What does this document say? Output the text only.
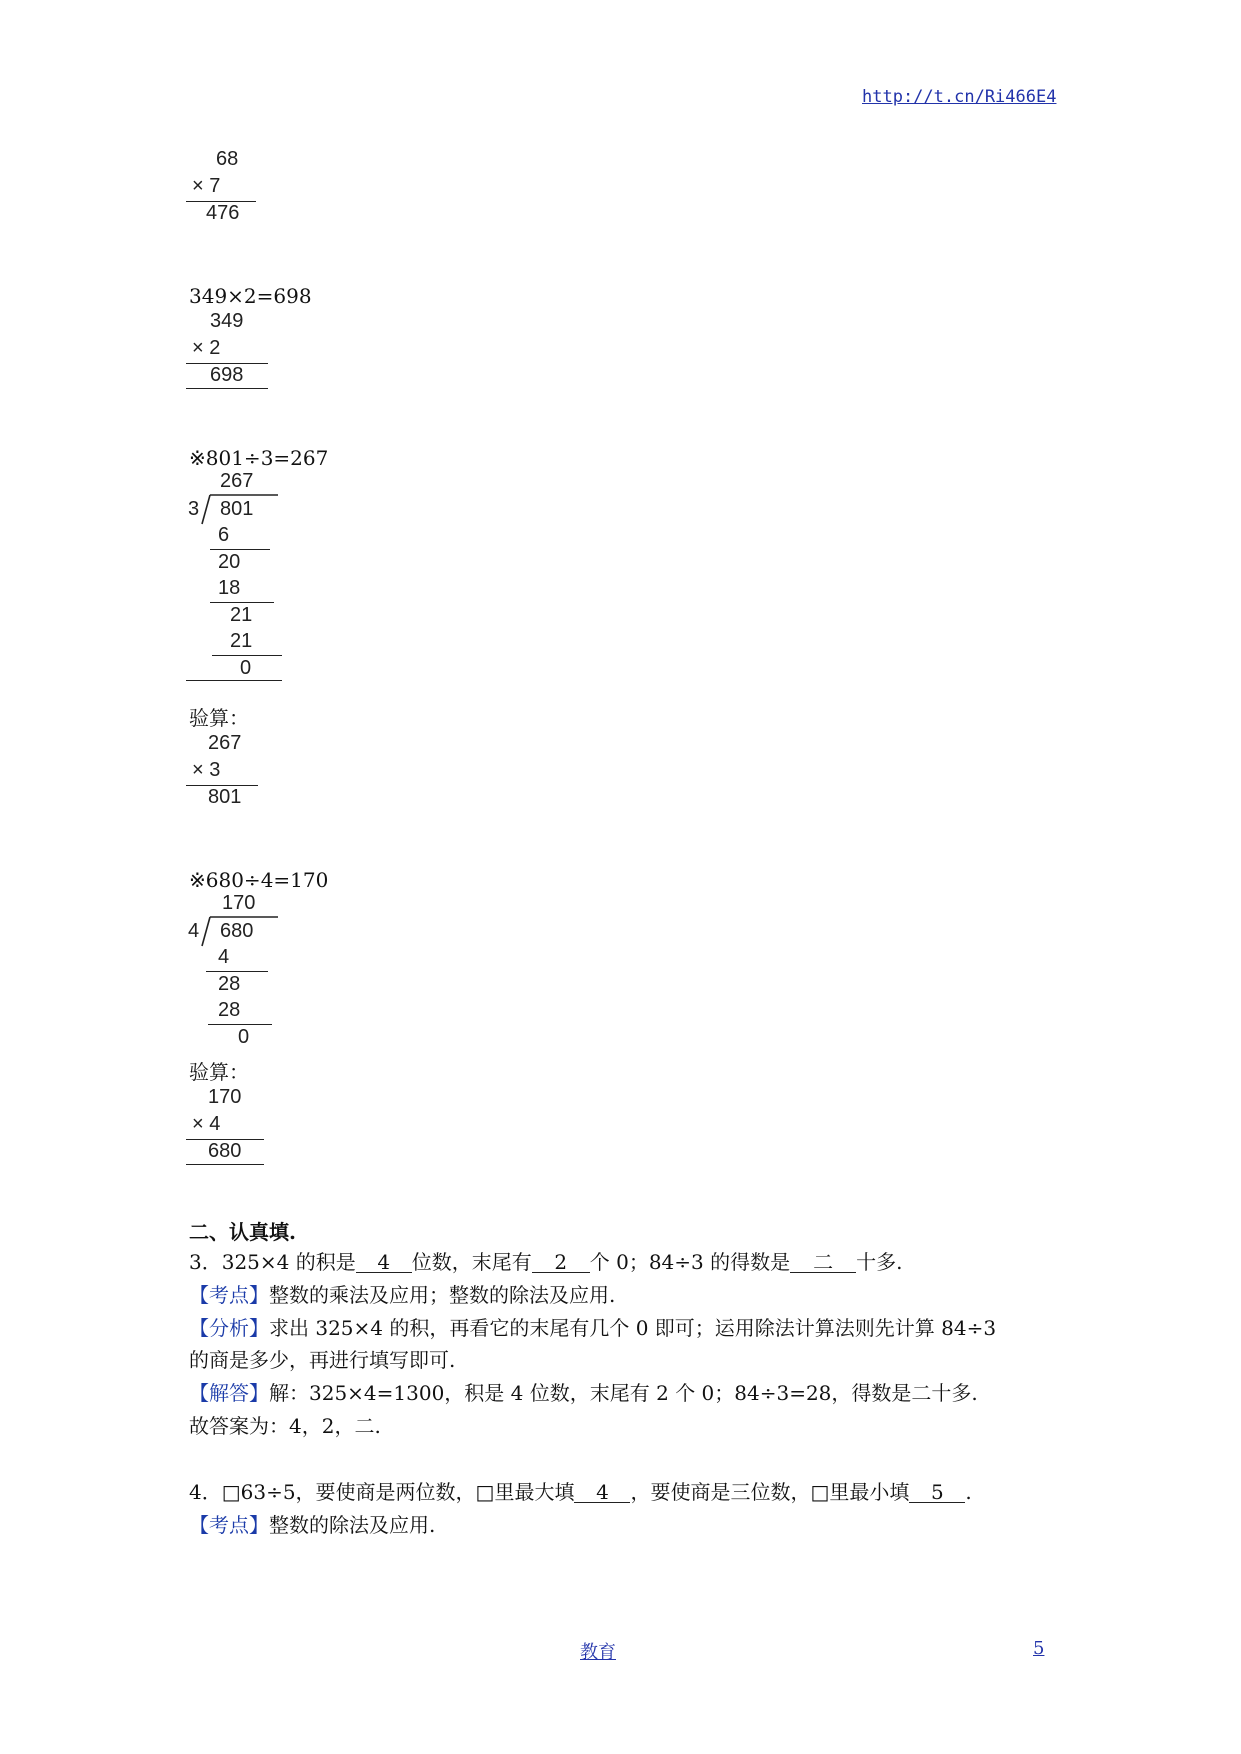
http://t.cn/Ri466E4
68
× 7
476
349×2=698
349
× 2
698
※801÷3=267
267
3 801
6
20
18
21
21
0
验算：
267
× 3
801
※680÷4=170
170
4 680
4
28
28
0
验算：
170
× 4
680
二、认真填.
3．325×4 的积是 4 位数，末尾有 2 个 0；84÷3 的得数是 二 十多.
【考点】整数的乘法及应用；整数的除法及应用.
【分析】求出 325×4 的积，再看它的末尾有几个 0 即可；运用除法计算法则先计算 84÷3
的商是多少，再进行填写即可.
【解答】解：325×4=1300，积是 4 位数，末尾有 2 个 0；84÷3=28，得数是二十多.
故答案为：4，2，二.
4．□63÷5，要使商是两位数，□里最大填 4 ，要使商是三位数，□里最小填 5 .
【考点】整数的除法及应用.
教育	5
